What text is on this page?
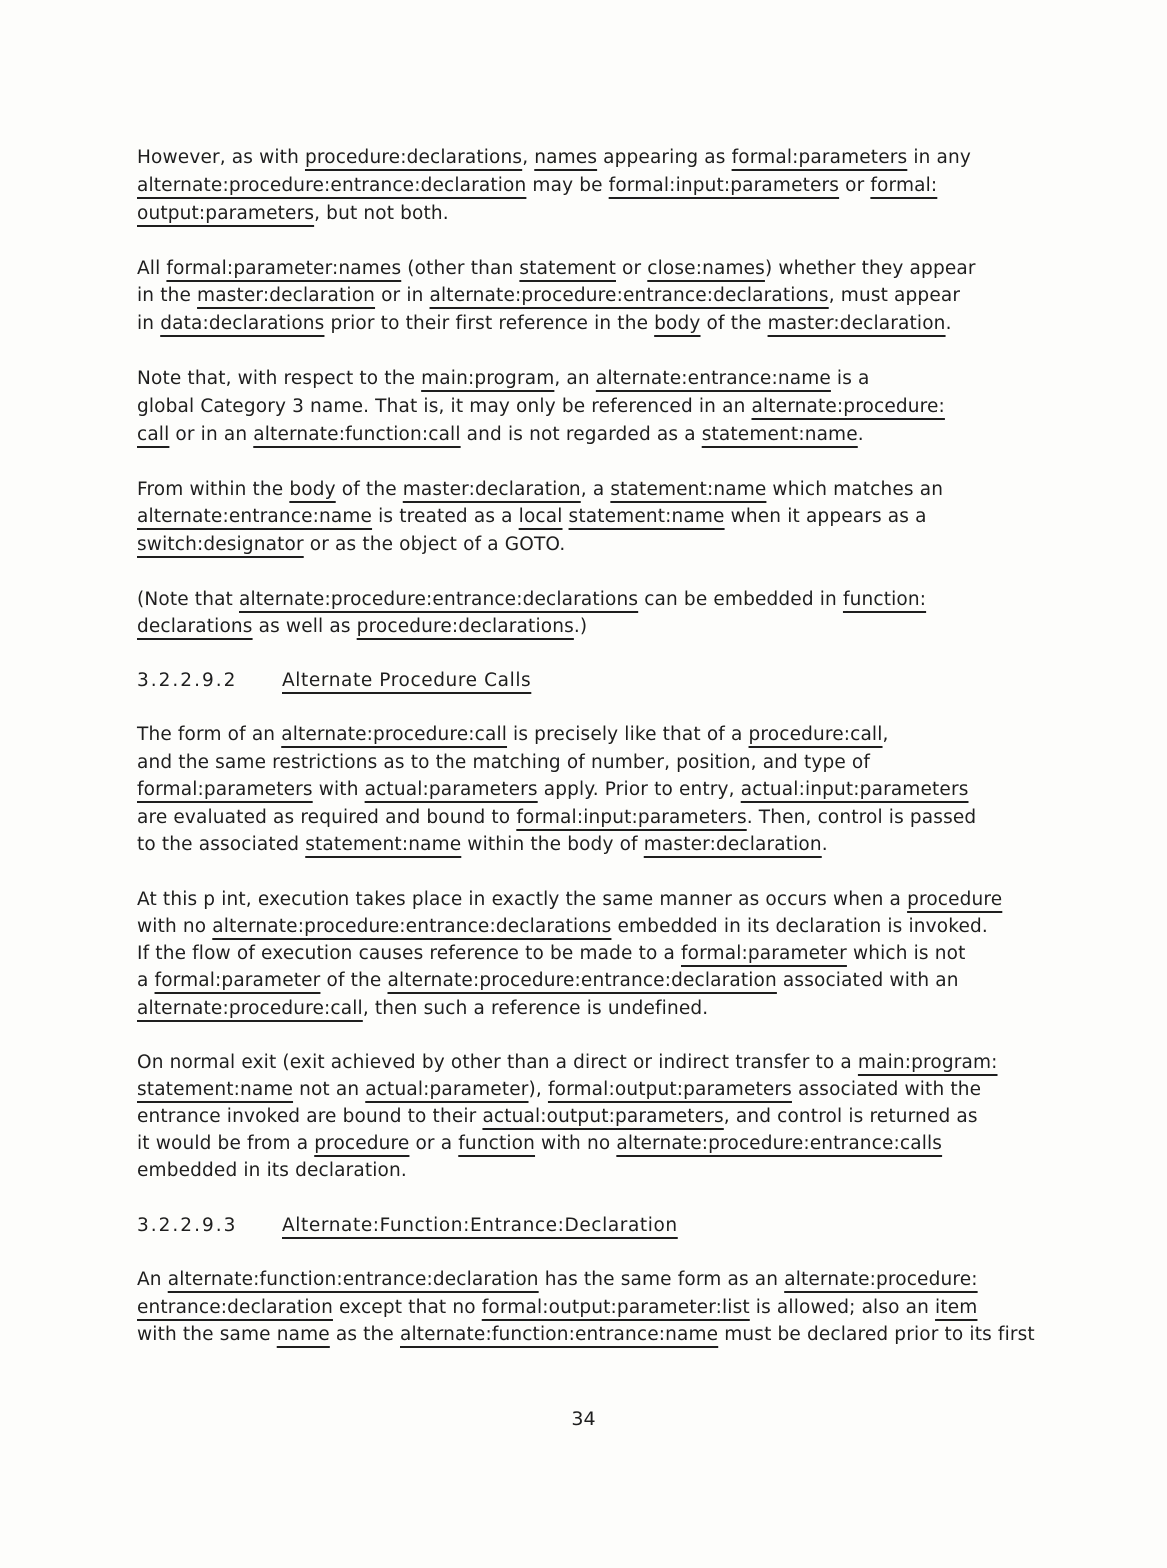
However, as with procedure:declarations, names appearing as formal:parameters in any
alternate:procedure:entrance:declaration may be formal:input:parameters or formal:
output:parameters, but not both.
All formal:parameter:names (other than statement or close:names) whether they appear
in the master:declaration or in alternate:procedure:entrance:declarations, must appear
in data:declarations prior to their first reference in the body of the master:declaration.
Note that, with respect to the main:program, an alternate:entrance:name is a
global Category 3 name. That is, it may only be referenced in an alternate:procedure:
call or in an alternate:function:call and is not regarded as a statement:name.
From within the body of the master:declaration, a statement:name which matches an
alternate:entrance:name is treated as a local statement:name when it appears as a
switch:designator or as the object of a GOTO.
(Note that alternate:procedure:entrance:declarations can be embedded in function:
declarations as well as procedure:declarations.)
3.2.2.9.2 Alternate Procedure Calls
The form of an alternate:procedure:call is precisely like that of a procedure:call,
and the same restrictions as to the matching of number, position, and type of
formal:parameters with actual:parameters apply. Prior to entry, actual:input:parameters
are evaluated as required and bound to formal:input:parameters. Then, control is passed
to the associated statement:name within the body of master:declaration.
At this p int, execution takes place in exactly the same manner as occurs when a procedure
with no alternate:procedure:entrance:declarations embedded in its declaration is invoked.
If the flow of execution causes reference to be made to a formal:parameter which is not
a formal:parameter of the alternate:procedure:entrance:declaration associated with an
alternate:procedure:call, then such a reference is undefined.
On normal exit (exit achieved by other than a direct or indirect transfer to a main:program:
statement:name not an actual:parameter), formal:output:parameters associated with the
entrance invoked are bound to their actual:output:parameters, and control is returned as
it would be from a procedure or a function with no alternate:procedure:entrance:calls
embedded in its declaration.
3.2.2.9.3 Alternate:Function:Entrance:Declaration
An alternate:function:entrance:declaration has the same form as an alternate:procedure:
entrance:declaration except that no formal:output:parameter:list is allowed; also an item
with the same name as the alternate:function:entrance:name must be declared prior to its first
34
